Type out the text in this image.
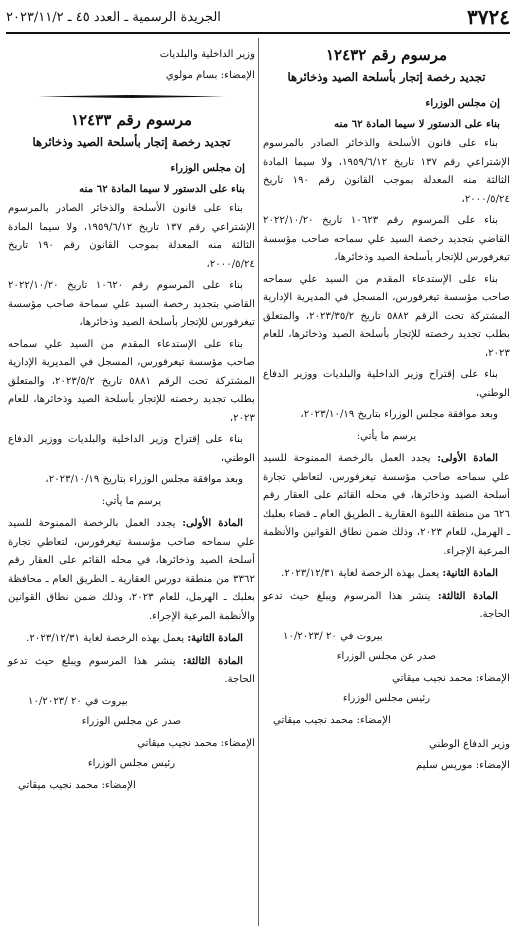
٣٧٢٤
الجريدة الرسمية ـ العدد ٤٥ ـ ٢٠٢٣/١١/٢
مرسوم رقم ١٢٤٣٢
تجديد رخصة إتجار بأسلحة الصيد وذخائرها

إن مجلس الوزراء

بناء على الدستور لا سيما المادة ٦٢ منه

بناء على قانون الأسلحة والذخائر الصادر بالمرسوم الإشتراعي رقم ١٣٧ تاريخ ١٩٥٩/٦/١٢، ولا سيما المادة الثالثة منه المعدلة بموجب القانون رقم ١٩٠ تاريخ ٢٠٠٠/٥/٢٤،

بناء على المرسوم رقم ١٠٦٢٣ تاريخ ٢٠٢٢/١٠/٢٠ القاضي بتجديد رخصة السيد علي سماحه صاحب مؤسسة تيغرفورس للإتجار بأسلحة الصيد وذخائرها،

بناء على الإستدعاء المقدم من السيد علي سماحه صاحب مؤسسة تيغرفورس، المسجل في المديرية الإدارية المشتركة تحت الرقم ٥٨٨٢ تاريخ ٢٠٢٣/٣٥/٢، والمتعلق بطلب تجديد رخصته للإتجار بأسلحة الصيد وذخائرها، للعام ٢٠٢٣،

بناء على إقتراح وزير الداخلية والبلديات ووزير الدفاع الوطني،

وبعد موافقة مجلس الوزراء بتاريخ ٢٠٢٣/١٠/١٩،

يرسم ما يأتي:

المادة الأولى: يجدد العمل بالرخصة الممنوحة للسيد علي سماحه صاحب مؤسسة تيغرفورس، لتعاطي تجارة أسلحة الصيد وذخائرها، في محله القائم على العقار رقم ٦٢٦ من منطقة اللبوة العقارية ـ الطريق العام ـ قضاء بعلبك ـ الهرمل، للعام ٢٠٢٣، وذلك ضمن نطاق القوانين والأنظمة المرعية الإجراء.

المادة الثانية: يعمل بهذه الرخصة لغاية ٢٠٢٣/١٢/٣١.

المادة الثالثة: ينشر هذا المرسوم ويبلغ حيث تدعو الحاجة.

بيروت في ٢٠ /١٠/٢٠٢٣

صدر عن مجلس الوزراء

الإمضاء: محمد نجيب ميقاتي

رئيس مجلس الوزراء

الإمضاء: محمد نجيب ميقاتي

وزير الدفاع الوطني

الإمضاء: موريس سليم

وزير الداخلية والبلديات

الإمضاء: بسام مولوي

مرسوم رقم ١٢٤٣٣
تجديد رخصة إتجار بأسلحة الصيد وذخائرها

إن مجلس الوزراء

بناء على الدستور لا سيما المادة ٦٢ منه

بناء على قانون الأسلحة والذخائر الصادر بالمرسوم الإشتراعي رقم ١٣٧ تاريخ ١٩٥٩/٦/١٢، ولا سيما المادة الثالثة منه المعدلة بموجب القانون رقم ١٩٠ تاريخ ٢٠٠٠/٥/٢٤،

بناء على المرسوم رقم ١٠٦٢٠ تاريخ ٢٠٢٢/١٠/٢٠ القاضي بتجديد رخصة السيد علي سماحة صاحب مؤسسة تيغرفورس للإتجار بأسلحة الصيد وذخائرها،

بناء على الإستدعاء المقدم من السيد علي سماحه صاحب مؤسسة تيغرفورس، المسجل في المديرية الإدارية المشتركة تحت الرقم ٥٨٨١ تاريخ ٢٠٢٣/٥/٢، والمتعلق بطلب تجديد رخصته للإتجار بأسلحة الصيد وذخائرها، للعام ٢٠٢٣،

بناء على إقتراح وزير الداخلية والبلديات ووزير الدفاع الوطني،

وبعد موافقة مجلس الوزراء بتاريخ ٢٠٢٣/١٠/١٩،

يرسم ما يأتي:

المادة الأولى: يجدد العمل بالرخصة الممنوحة للسيد علي سماحه صاحب مؤسسة تيغرفورس، لتعاطي تجارة أسلحة الصيد وذخائرها، في محله القائم على العقار رقم ٣٣٦٢ من منطقة دورس العقارية ـ الطريق العام ـ محافظة بعلبك ـ الهرمل، للعام ٢٠٢٣، وذلك ضمن نطاق القوانين والأنظمة المرعية الإجراء.

المادة الثانية: يعمل بهذه الرخصة لغاية ٢٠٢٣/١٢/٣١.

المادة الثالثة: ينشر هذا المرسوم ويبلغ حيث تدعو الحاجة.

بيروت في ٢٠ /١٠/٢٠٢٣

صدر عن مجلس الوزراء

الإمضاء: محمد نجيب ميقاتي

رئيس مجلس الوزراء

الإمضاء: محمد نجيب ميقاتي
